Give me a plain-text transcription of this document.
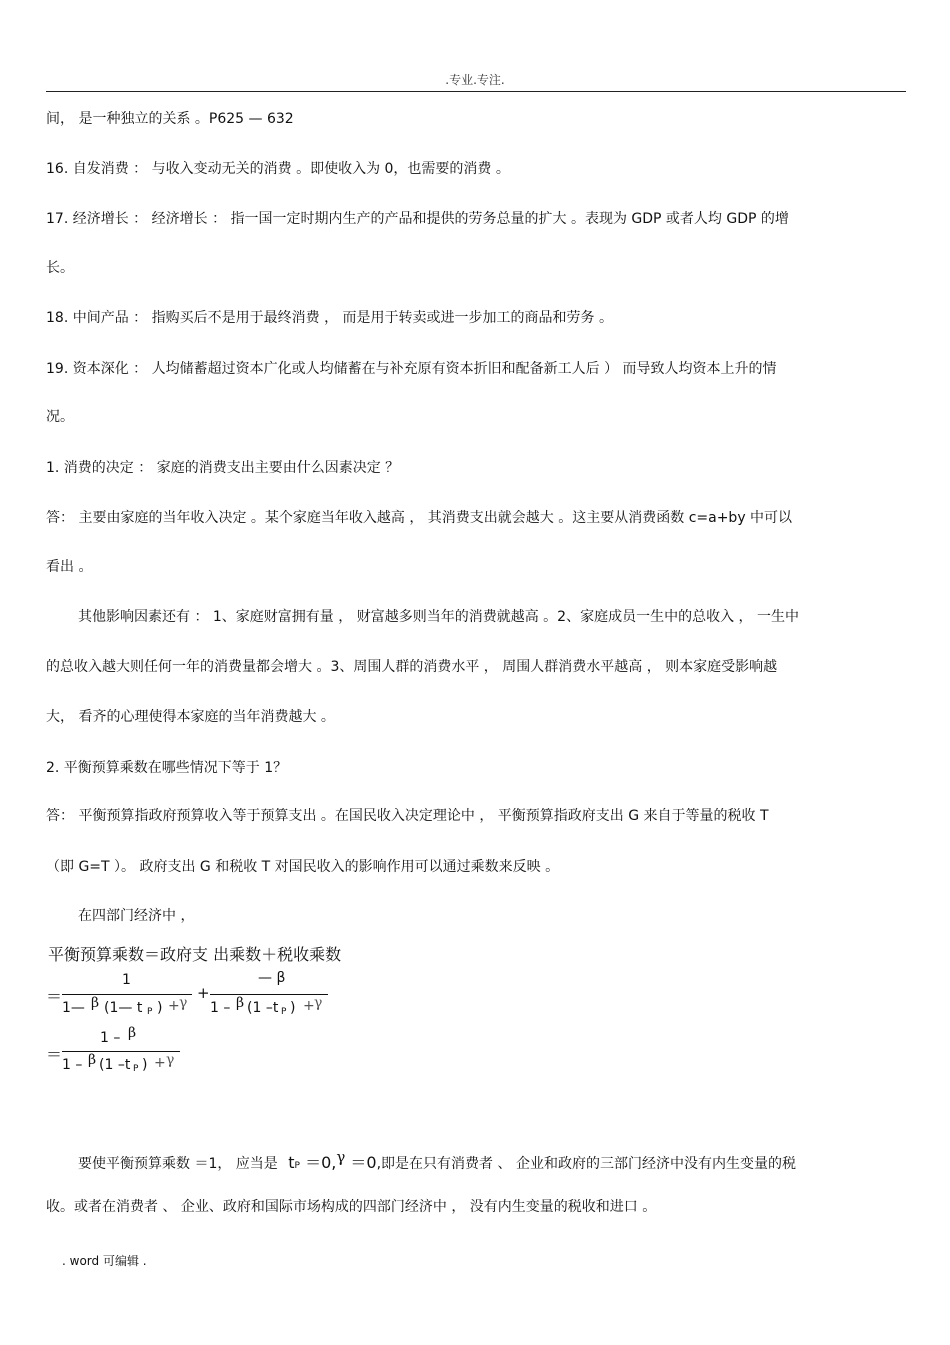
.专业.专注.
间， 是一种独立的关系 。P625 — 632
16. 自发消费 ： 与收入变动无关的消费 。即使收入为 0，也需要的消费 。
17. 经济增长 ： 经济增长 ： 指一国一定时期内生产的产品和提供的劳务总量的扩大 。表现为 GDP 或者人均 GDP 的增
长。
18. 中间产品 ： 指购买后不是用于最终消费 ， 而是用于转卖或进一步加工的商品和劳务 。
19. 资本深化 ： 人均储蓄超过资本广化或人均储蓄在与补充原有资本折旧和配备新工人后 ） 而导致人均资本上升的情
况。
1. 消费的决定 ： 家庭的消费支出主要由什么因素决定 ？
答： 主要由家庭的当年收入决定 。某个家庭当年收入越高 ， 其消费支出就会越大 。这主要从消费函数 c=a+by 中可以
看出 。
其他影响因素还有 ： 1、家庭财富拥有量 ， 财富越多则当年的消费就越高 。2、家庭成员一生中的总收入 ， 一生中
的总收入越大则任何一年的消费量都会增大 。3、周围人群的消费水平 ， 周围人群消费水平越高 ， 则本家庭受影响越
大， 看齐的心理使得本家庭的当年消费越大 。
2. 平衡预算乘数在哪些情况下等于 1？
答： 平衡预算指政府预算收入等于预算支出 。在国民收入决定理论中 ， 平衡预算指政府支出 G 来自于等量的税收 T
（即 G=T ）。 政府支出 G 和税收 T 对国民收入的影响作用可以通过乘数来反映 。
在四部门经济中 ，
平衡预算乘数＝政府支 出乘数＋税收乘数
＝
1
1— β (1— t P ) + γ
+
— β
1 – β (1 –t P ) + γ
＝
1 – β
1 – β (1 –t P ) + γ
要使平衡预算乘数 ＝1， 应当是 tP ＝0,γ ＝0,即是在只有消费者 、 企业和政府的三部门经济中没有内生变量的税
收。或者在消费者 、 企业、政府和国际市场构成的四部门经济中 ， 没有内生变量的税收和进口 。
. word 可编辑 .
